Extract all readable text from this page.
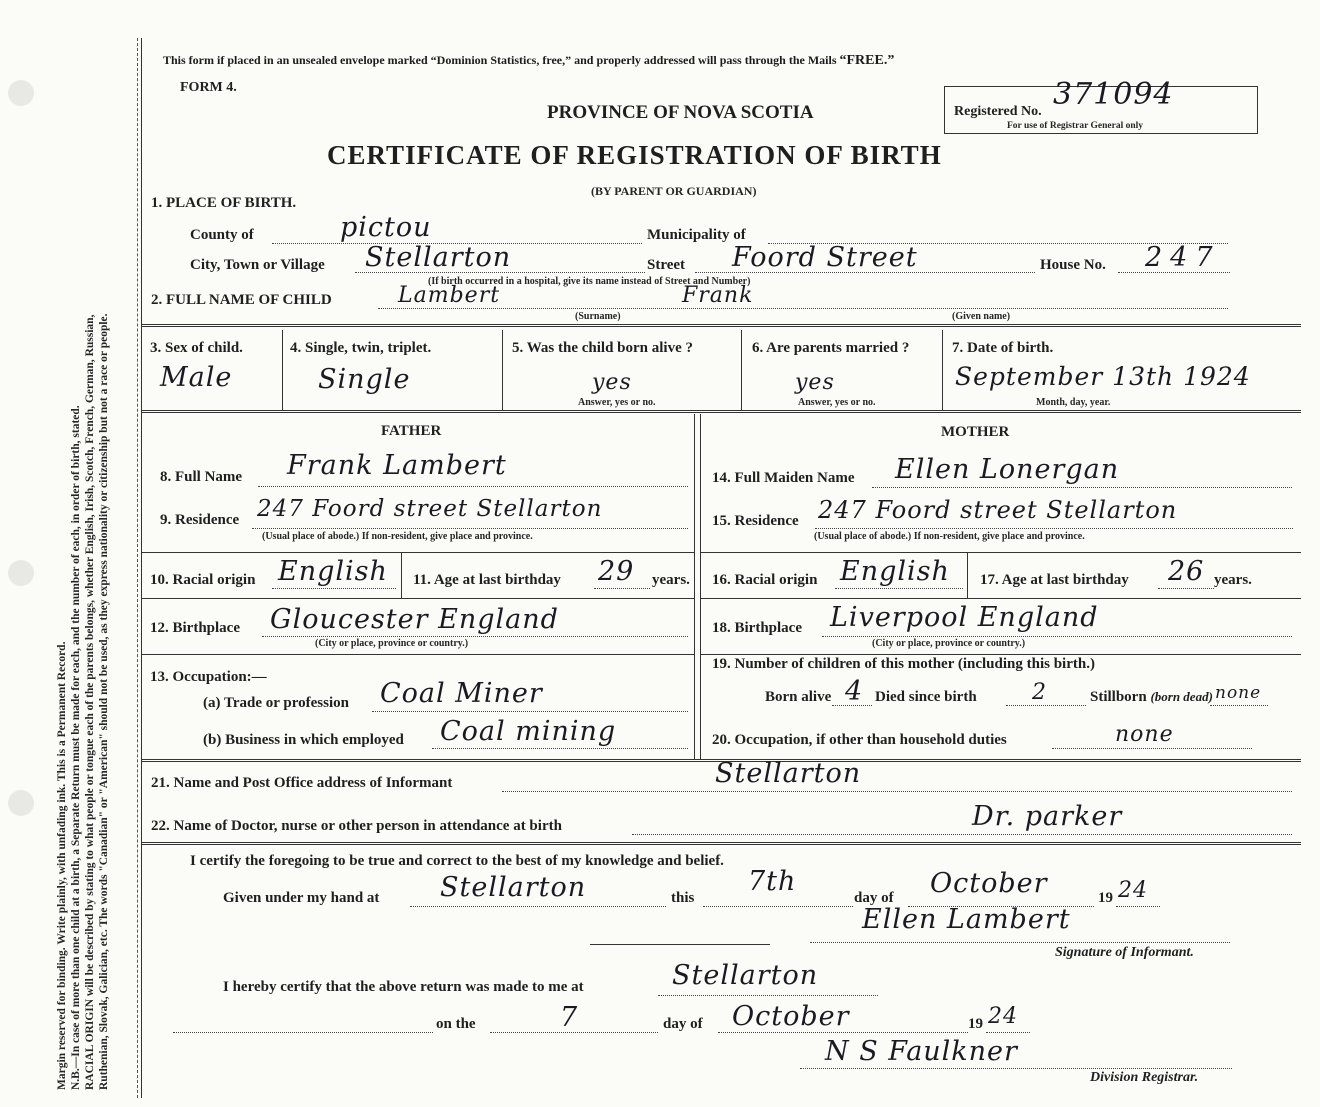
Margin reserved for binding. Write plainly, with unfading ink. This is a Permanent Record. N.B.—In case of more than one child at a birth, a Separate Return must be made for each, and the number of each, in order of birth, stated. RACIAL ORIGIN will be described by stating to what people or tongue each of the parents belongs, whether English, Irish, Scotch, French, German, Russian, Ruthenian, Slovak, Galician, etc. The words "Canadian" or "American" should not be used, as they express nationality or citizenship but not a race or people.
This form if placed in an unsealed envelope marked “Dominion Statistics, free,” and properly addressed will pass through the Mails “FREE.”
FORM 4.
PROVINCE OF NOVA SCOTIA
CERTIFICATE OF REGISTRATION OF BIRTH
(BY PARENT OR GUARDIAN)
Registered No. 371094
For use of Registrar General only
1. PLACE OF BIRTH.
County of	pictou	Municipality of
City, Town or Village Stellarton	Street Foord Street	House No. 247
(If birth occurred in a hospital, give its name instead of Street and Number)
2. FULL NAME OF CHILD	Lambert	Frank
(Surname)	(Given name)
3. Sex of child.
Male
4. Single, twin, triplet.
Single
5. Was the child born alive ?
yes
Answer, yes or no.
6. Are parents married ?
yes
Answer, yes or no.
7. Date of birth.
September 13th 1924
Month, day, year.
FATHER	MOTHER
8. Full Name Frank Lambert
9. Residence 247 Foord street Stellarton
(Usual place of abode.) If non-resident, give place and province.
10. Racial origin English 11. Age at last birthday 29 years.
12. Birthplace Gloucester England
(City or place, province or country.)
13. Occupation:—
(a) Trade or profession Coal Miner
(b) Business in which employed Coal mining
14. Full Maiden Name Ellen Lonergan
15. Residence 247 Foord street Stellarton
(Usual place of abode.) If non-resident, give place and province.
16. Racial origin English 17. Age at last birthday 26 years.
18. Birthplace Liverpool England
(City or place, province or country.)
19. Number of children of this mother (including this birth.)
Born alive 4 Died since birth	2	Stillborn (born dead) none
20. Occupation, if other than household duties	none
21. Name and Post Office address of Informant	Stellarton
22. Name of Doctor, nurse or other person in attendance at birth	Dr. parker
I certify the foregoing to be true and correct to the best of my knowledge and belief.
Given under my hand at Stellarton	this
7th
day of October	19 24
Ellen Lambert
Signature of Informant.
I hereby certify that the above return was made to me at	Stellarton
on the	7	day of October	19 24
N S Faulkner
Division Registrar.
